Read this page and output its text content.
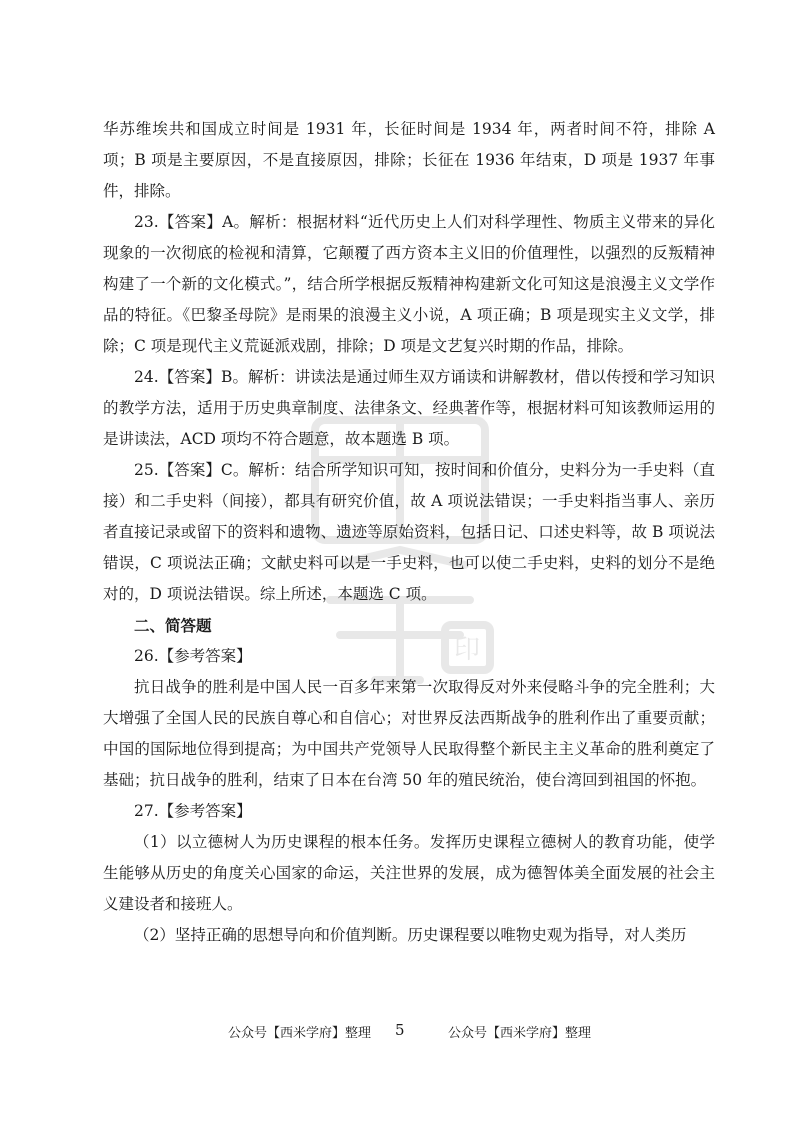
印

华苏维埃共和国成立时间是 1931 年，长征时间是 1934 年，两者时间不符，排除 A 项；B 项是主要原因，不是直接原因，排除；长征在 1936 年结束，D 项是 1937 年事件，排除。

23.【答案】A。解析：根据材料“近代历史上人们对科学理性、物质主义带来的异化现象的一次彻底的检视和清算，它颠覆了西方资本主义旧的价值理性，以强烈的反叛精神构建了一个新的文化模式。”，结合所学根据反叛精神构建新文化可知这是浪漫主义文学作品的特征。《巴黎圣母院》是雨果的浪漫主义小说，A 项正确；B 项是现实主义文学，排除；C 项是现代主义荒诞派戏剧，排除；D 项是文艺复兴时期的作品，排除。

24.【答案】B。解析：讲读法是通过师生双方诵读和讲解教材，借以传授和学习知识的教学方法，适用于历史典章制度、法律条文、经典著作等，根据材料可知该教师运用的是讲读法，ACD 项均不符合题意，故本题选 B 项。

25.【答案】C。解析：结合所学知识可知，按时间和价值分，史料分为一手史料（直接）和二手史料（间接），都具有研究价值，故 A 项说法错误；一手史料指当事人、亲历者直接记录或留下的资料和遗物、遗迹等原始资料，包括日记、口述史料等，故 B 项说法错误，C 项说法正确；文献史料可以是一手史料，也可以使二手史料，史料的划分不是绝对的，D 项说法错误。综上所述，本题选 C 项。

二、简答题

26.【参考答案】

抗日战争的胜利是中国人民一百多年来第一次取得反对外来侵略斗争的完全胜利；大大增强了全国人民的民族自尊心和自信心；对世界反法西斯战争的胜利作出了重要贡献；中国的国际地位得到提高；为中国共产党领导人民取得整个新民主主义革命的胜利奠定了基础；抗日战争的胜利，结束了日本在台湾 50 年的殖民统治，使台湾回到祖国的怀抱。

27.【参考答案】

（1）以立德树人为历史课程的根本任务。发挥历史课程立德树人的教育功能，使学生能够从历史的角度关心国家的命运，关注世界的发展，成为德智体美全面发展的社会主义建设者和接班人。

（2）坚持正确的思想导向和价值判断。历史课程要以唯物史观为指导，对人类历

公众号【西米学府】整理 5	公众号【西米学府】整理
